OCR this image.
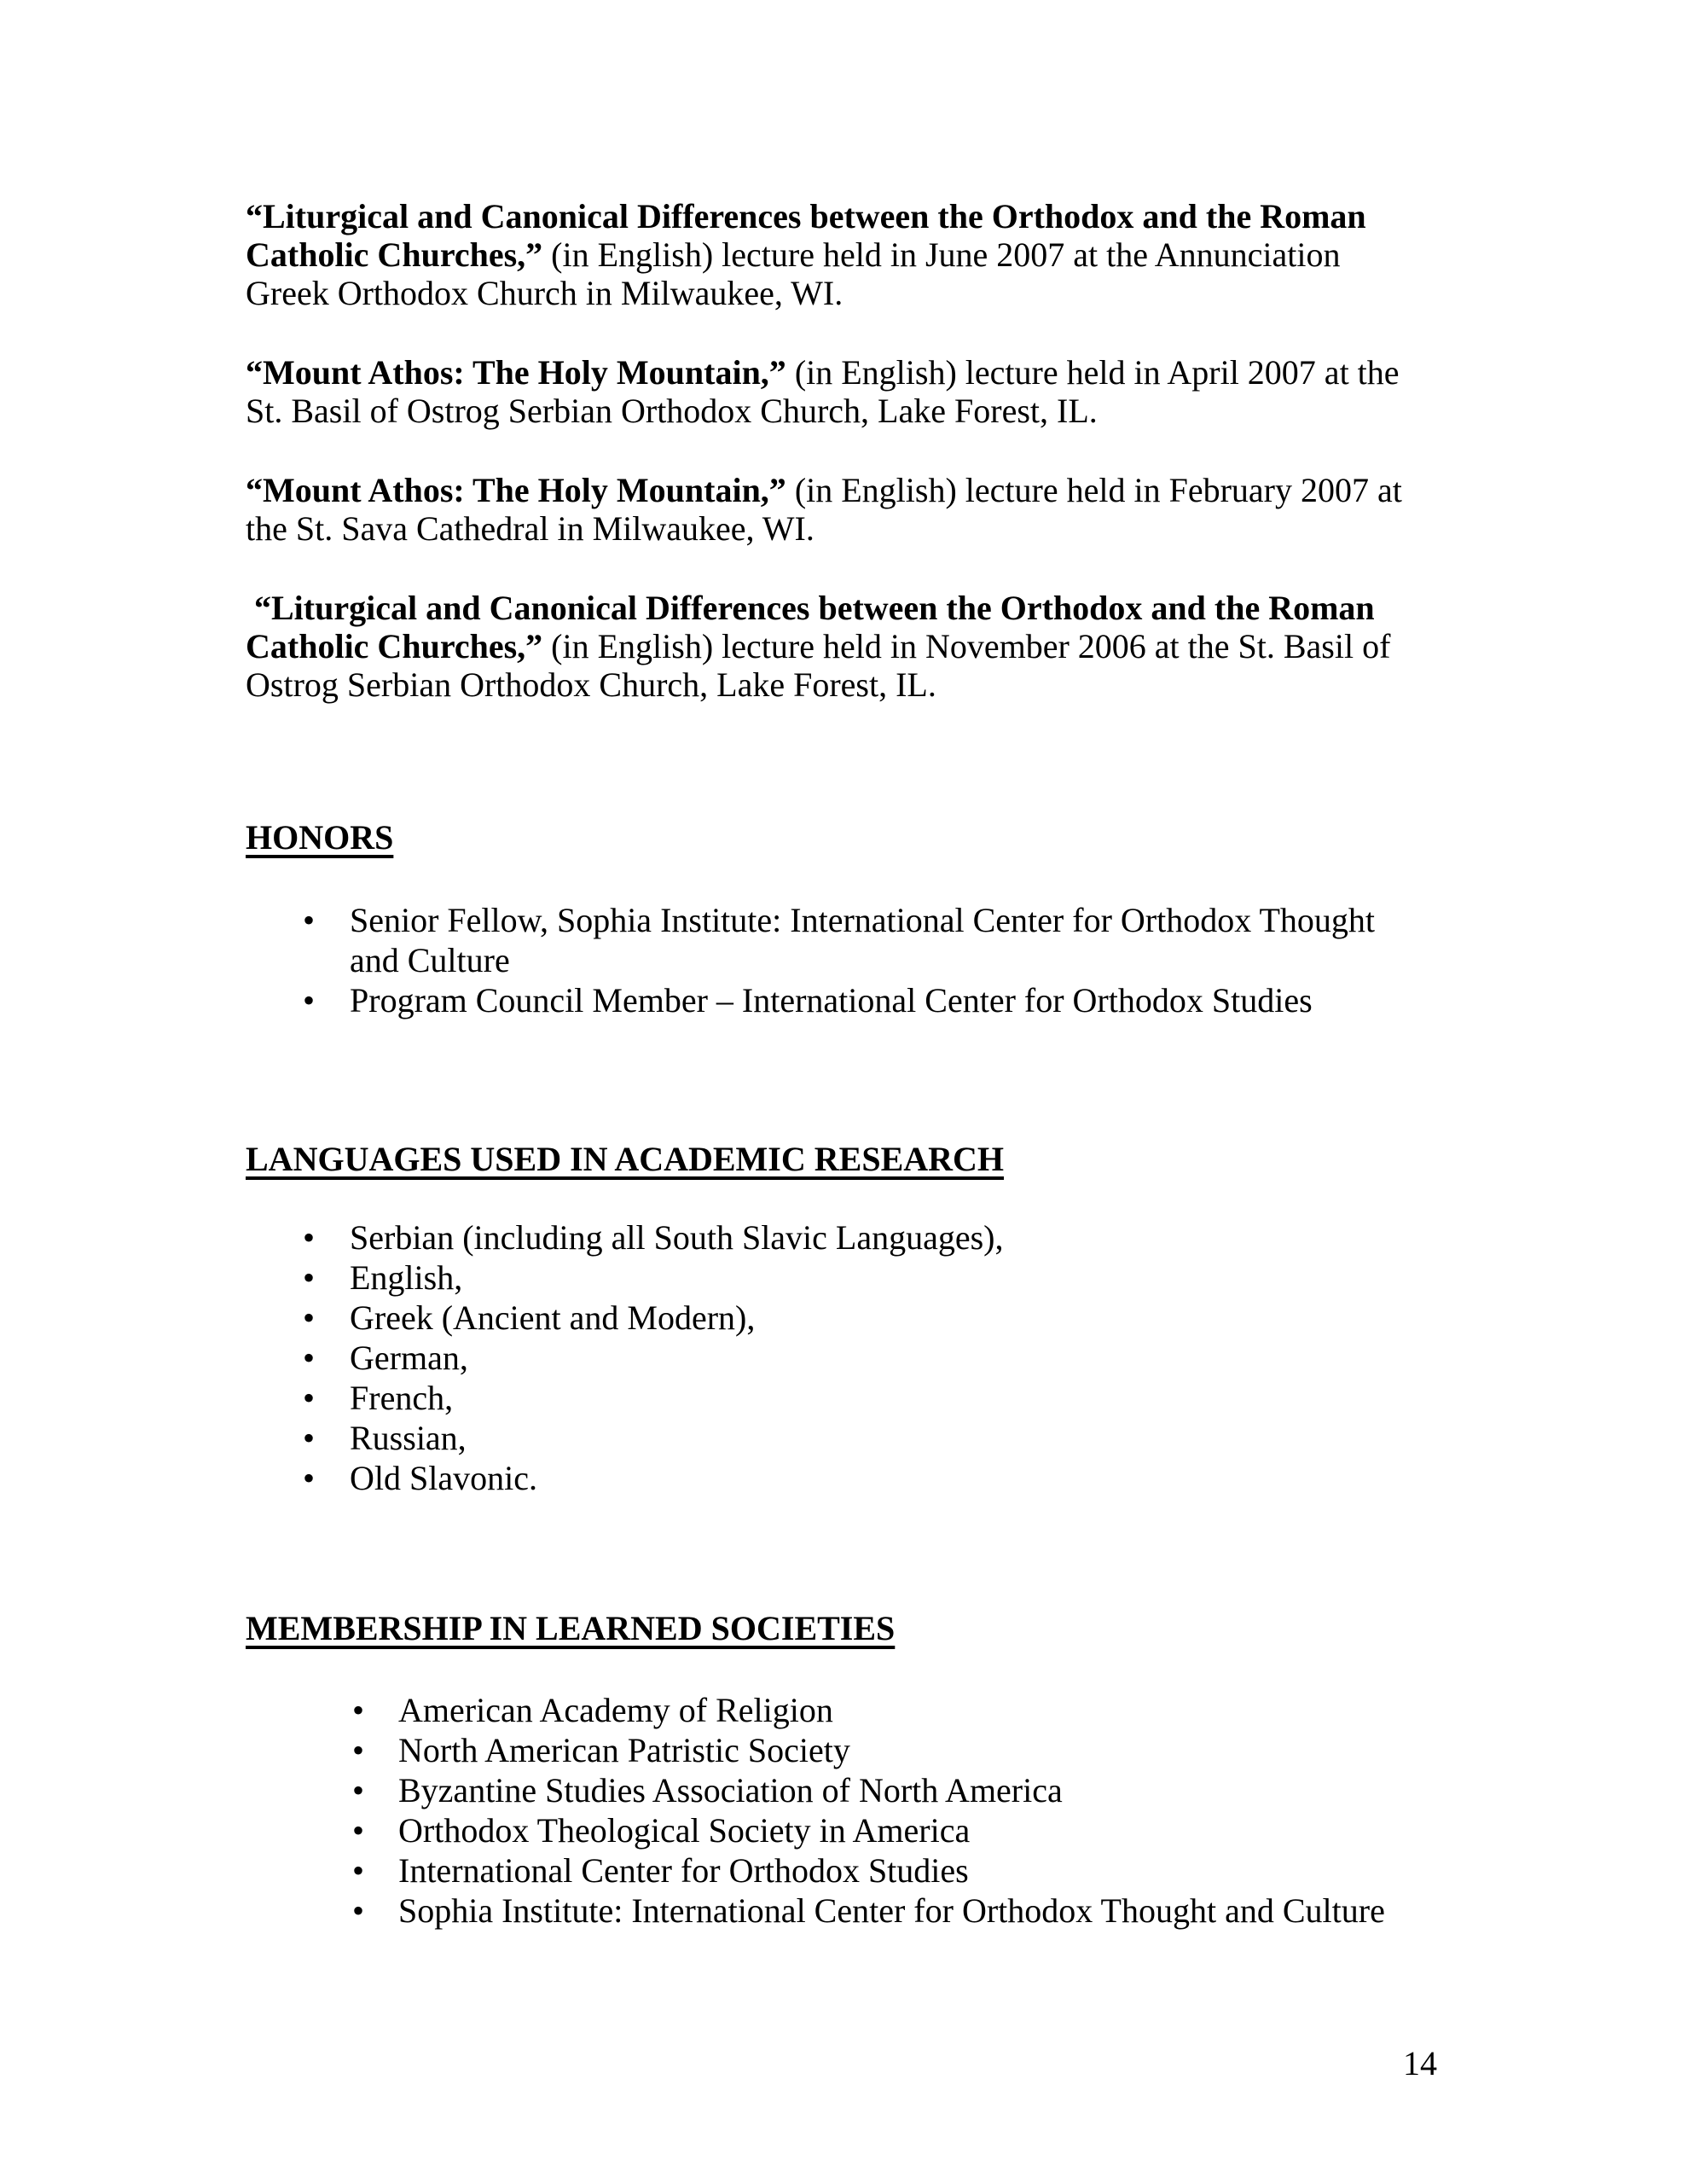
“Liturgical and Canonical Differences between the Orthodox and the Roman
Catholic Churches,” (in English) lecture held in June 2007 at the Annunciation
Greek Orthodox Church in Milwaukee, WI.
“Mount Athos: The Holy Mountain,” (in English) lecture held in April 2007 at the
St. Basil of Ostrog Serbian Orthodox Church, Lake Forest, IL.
“Mount Athos: The Holy Mountain,” (in English) lecture held in February 2007 at
the St. Sava Cathedral in Milwaukee, WI.
“Liturgical and Canonical Differences between the Orthodox and the Roman
Catholic Churches,” (in English) lecture held in November 2006 at the St. Basil of
Ostrog Serbian Orthodox Church, Lake Forest, IL.
HONORS
• Senior Fellow, Sophia Institute: International Center for Orthodox Thought
and Culture
• Program Council Member – International Center for Orthodox Studies
LANGUAGES USED IN ACADEMIC RESEARCH
• Serbian (including all South Slavic Languages),
• English,
• Greek (Ancient and Modern),
• German,
• French,
• Russian,
• Old Slavonic.
MEMBERSHIP IN LEARNED SOCIETIES
• American Academy of Religion
• North American Patristic Society
• Byzantine Studies Association of North America
• Orthodox Theological Society in America
• International Center for Orthodox Studies
• Sophia Institute: International Center for Orthodox Thought and Culture
14
